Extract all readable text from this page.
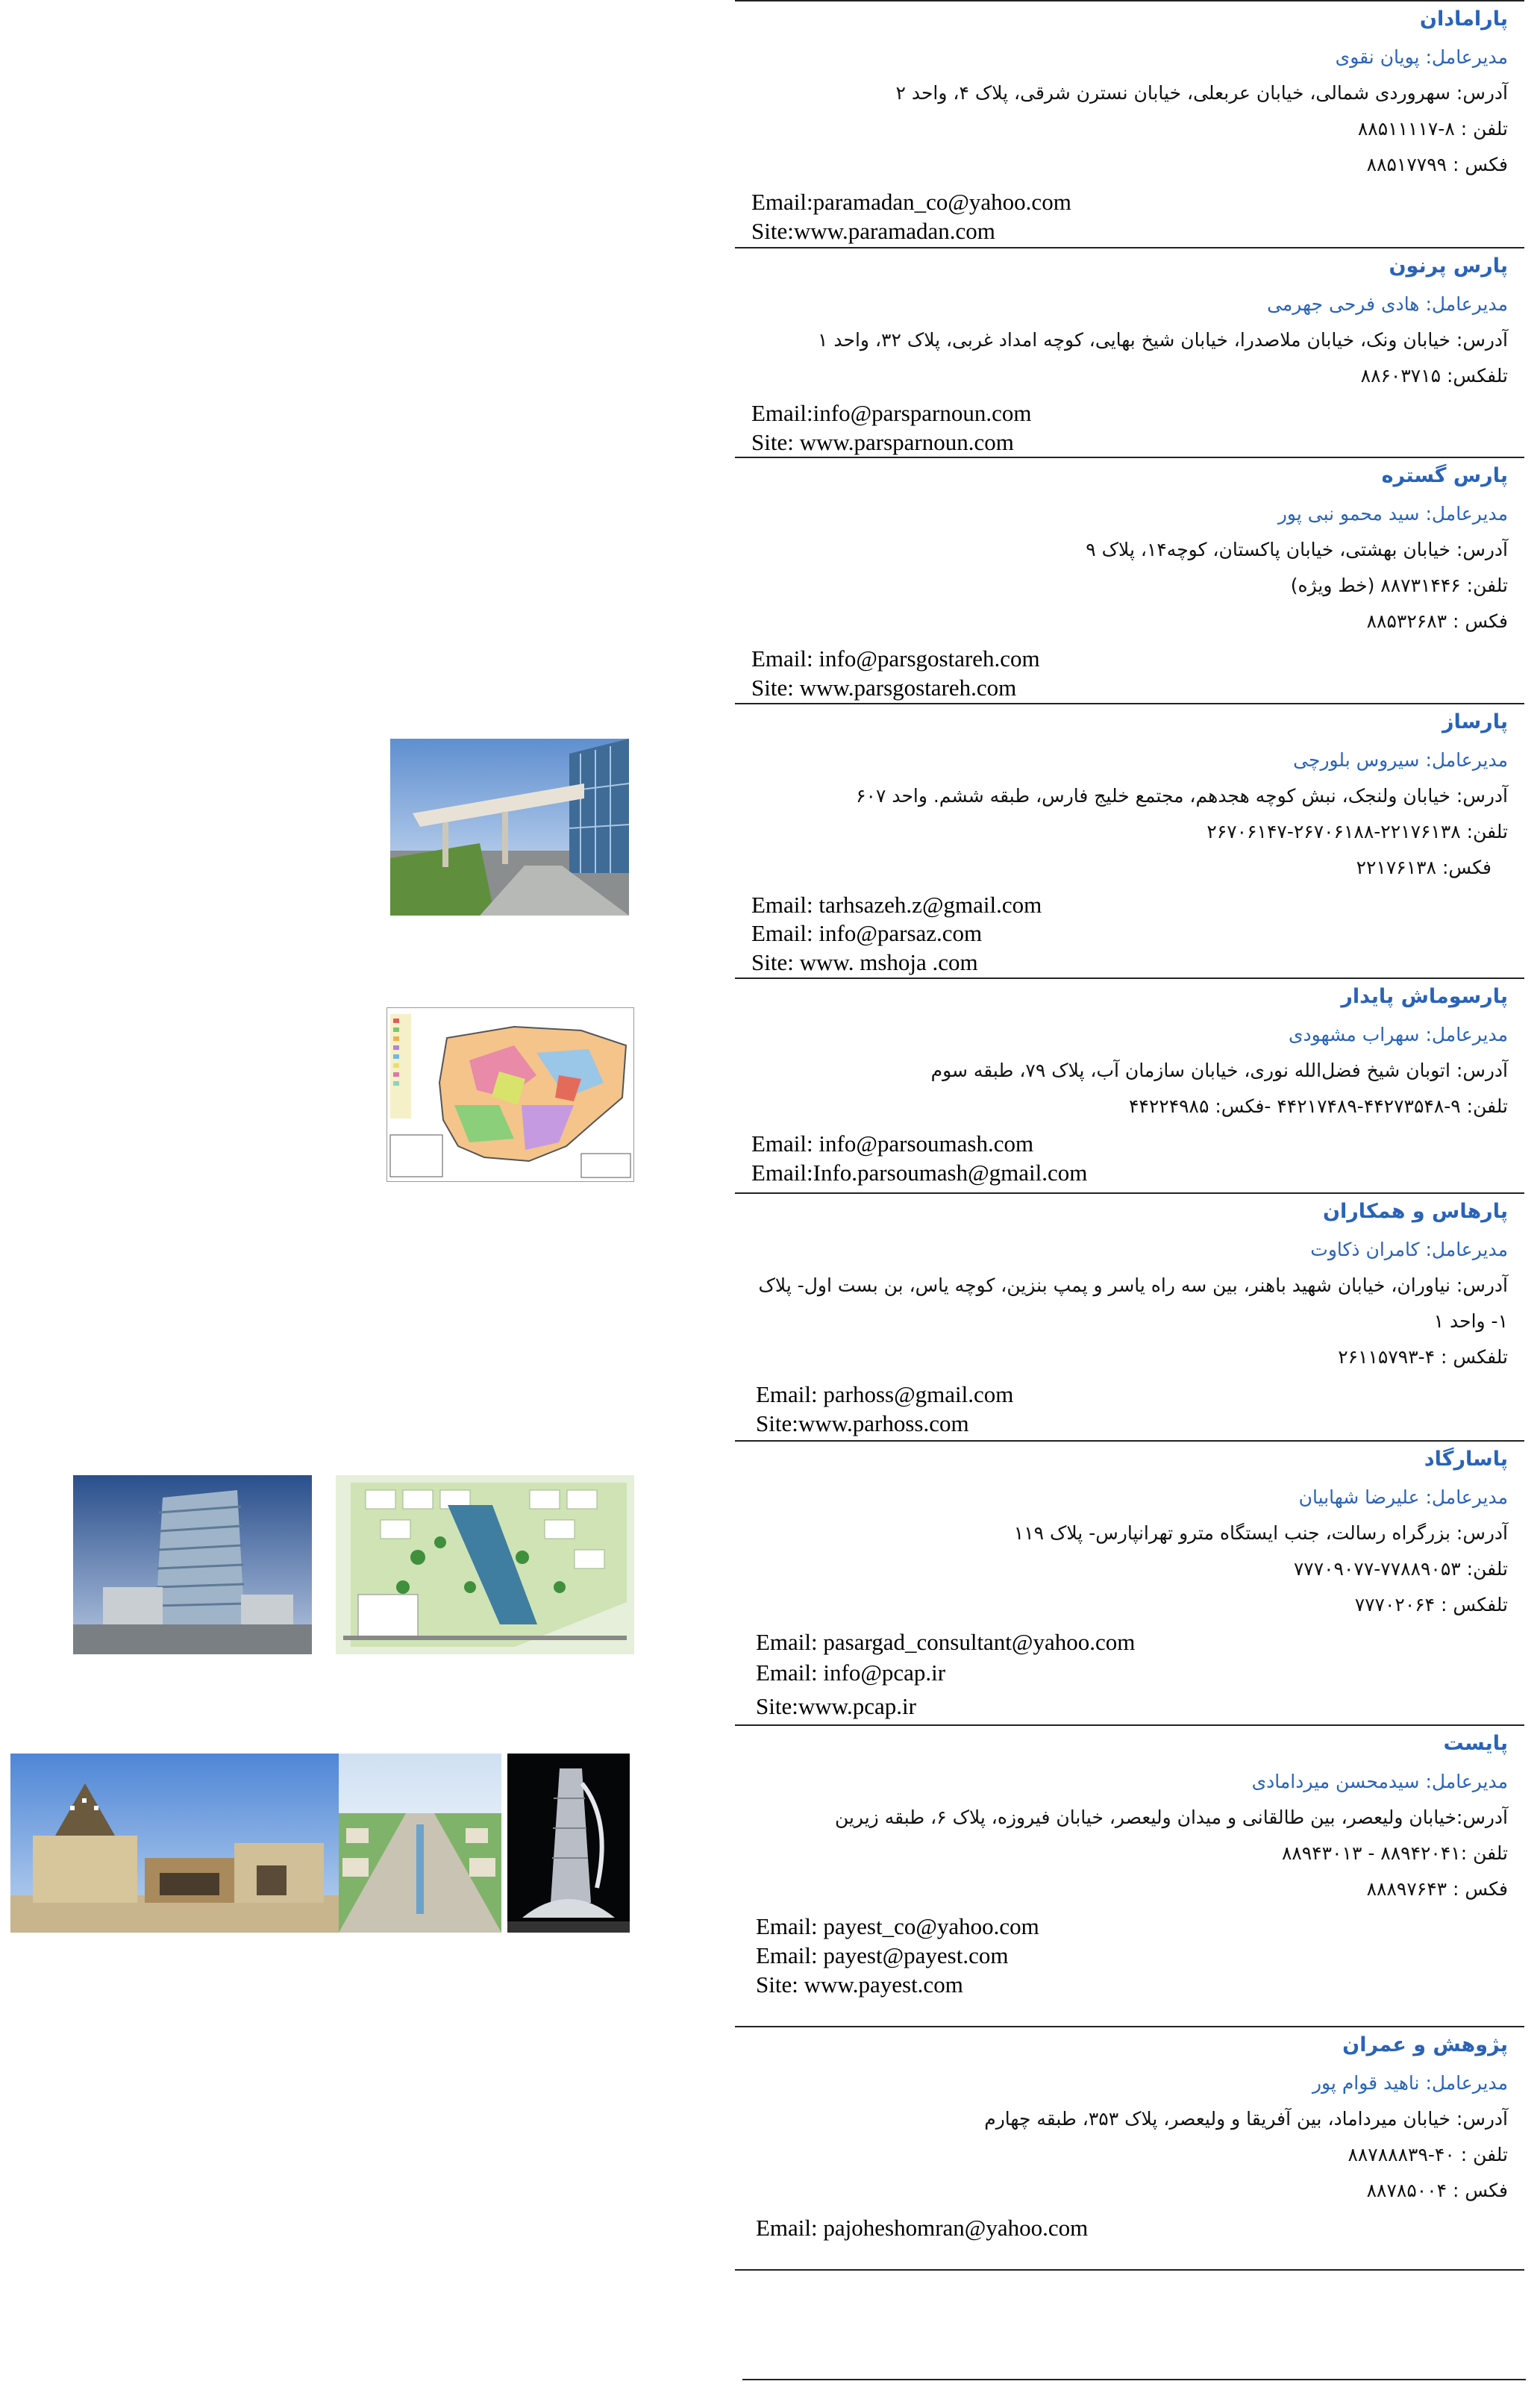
پارامادان
مدیرعامل: پویان نقوی
آدرس: سهروردی شمالی، خیابان عربعلی، خیابان نسترن شرقی، پلاک ۴، واحد ۲
تلفن : ۸-۸۸۵۱۱۱۱۷
فکس : ۸۸۵۱۷۷۹۹
Email:paramadan_co@yahoo.com
Site:www.paramadan.com
پارس پرنون
مدیرعامل: هادی فرحی جهرمی
آدرس: خیابان ونک، خیابان ملاصدرا، خیابان شیخ بهایی، کوچه امداد غربی، پلاک ۳۲، واحد ۱
تلفکس: ۸۸۶۰۳۷۱۵
Email:info@parsparnoun.com
Site: www.parsparnoun.com
پارس گستره
مدیرعامل: سید محمو نبی پور
آدرس: خیابان بهشتی، خیابان پاکستان، کوچه۱۴، پلاک ۹
تلفن: ۸۸۷۳۱۴۴۶ (خط ویژه)
فکس : ۸۸۵۳۲۶۸۳
Email: info@parsgostareh.com
Site: www.parsgostareh.com
پارساز
مدیرعامل: سیروس بلورچی
آدرس: خیابان ولنجک، نبش کوچه هجدهم، مجتمع خلیج فارس، طبقه ششم. واحد ۶۰۷
تلفن: ۲۲۱۷۶۱۳۸-۲۶۷۰۶۱۸۸-۲۶۷۰۶۱۴۷
فکس: ۲۲۱۷۶۱۳۸
Email: tarhsazeh.z@gmail.com
Email: info@parsaz.com
Site: www. mshoja .com
پارسوماش پایدار
مدیرعامل: سهراب مشهودی
آدرس: اتوبان شیخ فضل‌الله نوری، خیابان سازمان آب، پلاک ۷۹، طبقه سوم
تلفن: ۹-۴۴۲۷۳۵۴۸-۴۴۲۱۷۴۸۹ -فکس: ۴۴۲۲۴۹۸۵
Email: info@parsoumash.com
Email:Info.parsoumash@gmail.com
پارهاس و همکاران
مدیرعامل: کامران ذکاوت
آدرس: نیاوران، خیابان شهید باهنر، بین سه راه یاسر و پمپ بنزین، کوچه یاس، بن بست اول- پلاک
۱- واحد ۱
تلفکس : ۴-۲۶۱۱۵۷۹۳
Email: parhoss@gmail.com
Site:www.parhoss.com
پاسارگاد
مدیرعامل: علیرضا شهابیان
آدرس: بزرگراه رسالت، جنب ایستگاه مترو تهرانپارس- پلاک ۱۱۹
تلفن: ۷۷۸۸۹۰۵۳-۷۷۷۰۹۰۷۷
تلفکس : ۷۷۷۰۲۰۶۴
Email: pasargad_consultant@yahoo.com
Email: info@pcap.ir
Site:www.pcap.ir
پایست
مدیرعامل: سیدمحسن میردامادی
آدرس:خیابان ولیعصر، بین طالقانی و میدان ولیعصر، خیابان فیروزه، پلاک ۶، طبقه زیرین
تلفن :۸۸۹۴۲۰۴۱ - ۸۸۹۴۳۰۱۳
فکس : ۸۸۸۹۷۶۴۳
Email: payest_co@yahoo.com
Email: payest@payest.com
Site: www.payest.com
پژوهش و عمران
مدیرعامل: ناهید قوام پور
آدرس: خیابان میرداماد، بین آفریقا و ولیعصر، پلاک ۳۵۳، طبقه چهارم
تلفن : ۴۰-۸۸۷۸۸۸۳۹
فکس : ۸۸۷۸۵۰۰۴
Email: pajoheshomran@yahoo.com
